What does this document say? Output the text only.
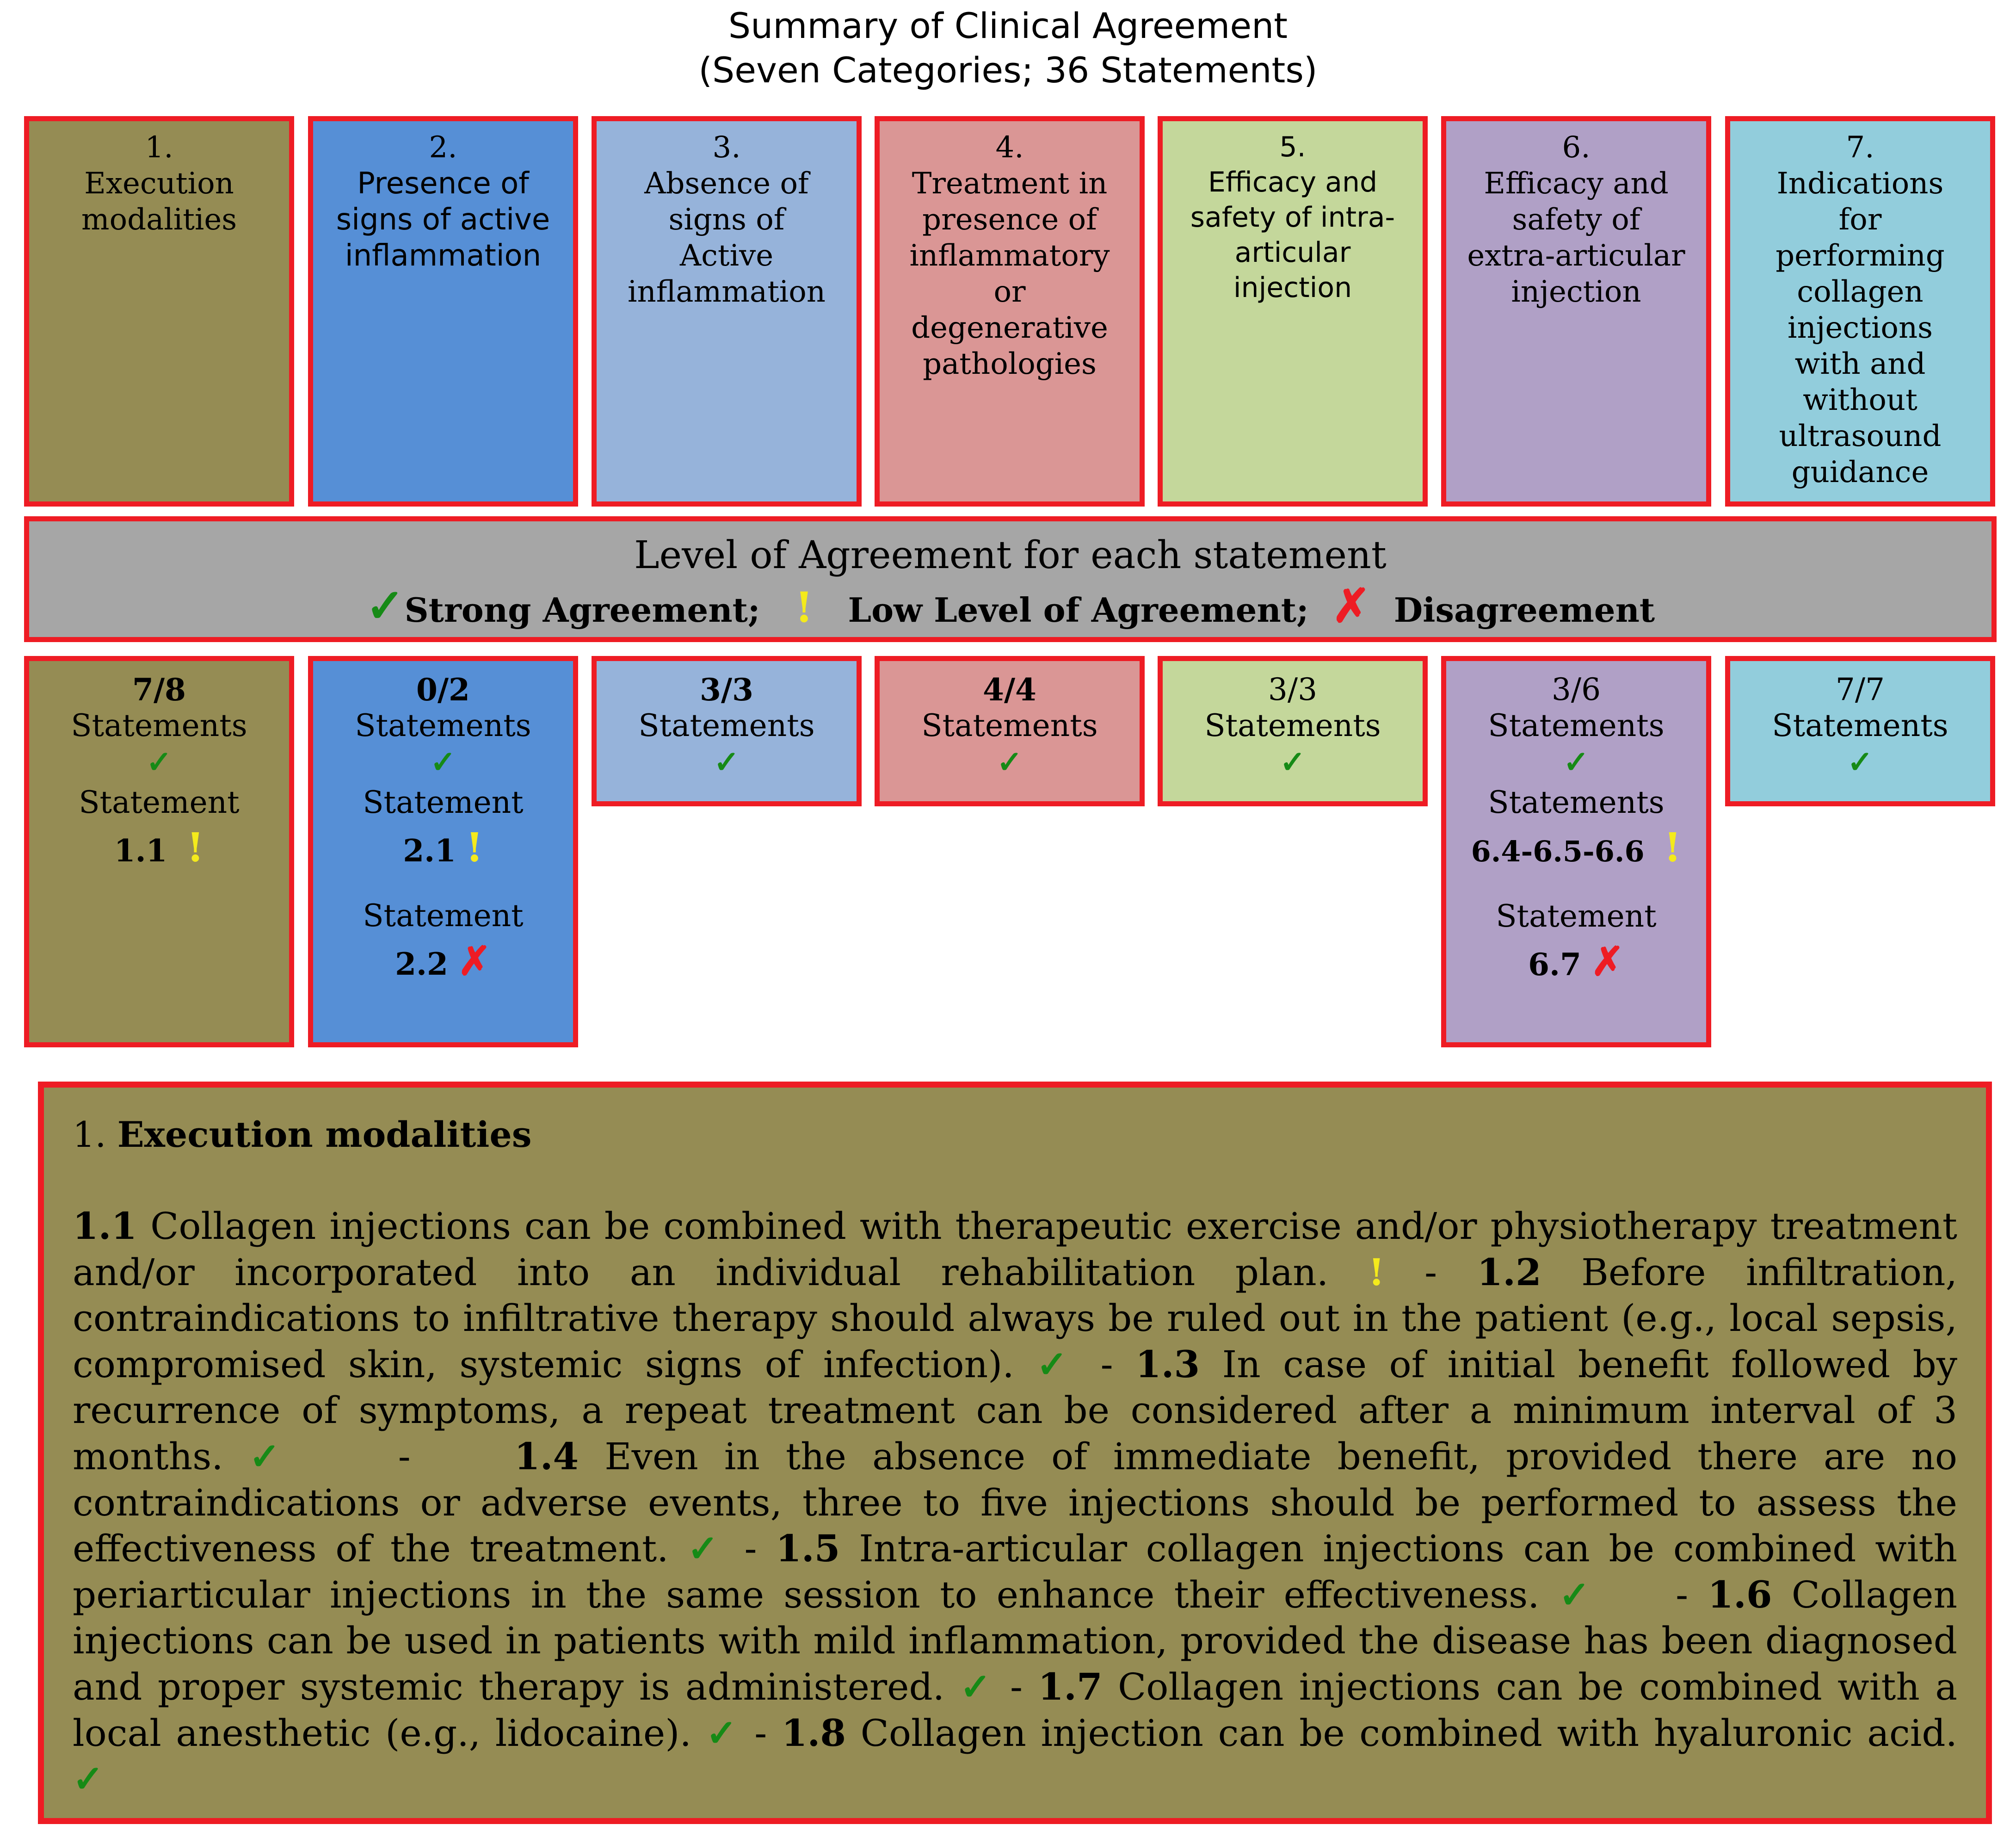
Summary of Clinical Agreement
(Seven Categories; 36 Statements)
1.
Execution
modalities
2.
Presence of
signs of active
inflammation
3.
Absence of
signs of
Active
inflammation
4.
Treatment in
presence of
inflammatory
or
degenerative
pathologies
5.
Efficacy and
safety of intra-
articular
injection
6.
Efficacy and
safety of
extra-articular
injection
7.
Indications
for
performing
collagen
injections
with and
without
ultrasound
guidance
Level of Agreement for each statement
✓Strong Agreement; ! Low Level of Agreement; ✗ Disagreement
7/8
Statements
✓
Statement
1.1 !
0/2
Statements
✓
Statement
2.1 !
Statement
2.2 ✗
3/3
Statements
✓
4/4
Statements
✓
3/3
Statements
✓
3/6
Statements
✓
Statements
6.4-6.5-6.6 !
Statement
6.7 ✗
7/7
Statements
✓
1. Execution modalities

1.1 Collagen injections can be combined with therapeutic exercise and/or physiotherapy treatment and/or incorporated into an individual rehabilitation plan. ! - 1.2 Before infiltration, contraindications to infiltrative therapy should always be ruled out in the patient (e.g., local sepsis, compromised skin, systemic signs of infection). ✓ - 1.3 In case of initial benefit followed by recurrence of symptoms, a repeat treatment can be considered after a minimum interval of 3 months. ✓    -    1.4 Even in the absence of immediate benefit, provided there are no contraindications or adverse events, three to five injections should be performed to assess the effectiveness of the treatment. ✓ - 1.5 Intra-articular collagen injections can be combined with periarticular injections in the same session to enhance their effectiveness. ✓    - 1.6 Collagen injections can be used in patients with mild inflammation, provided the disease has been diagnosed and proper systemic therapy is administered. ✓ - 1.7 Collagen injections can be combined with a local anesthetic (e.g., lidocaine). ✓ - 1.8 Collagen injection can be combined with hyaluronic acid. ✓
